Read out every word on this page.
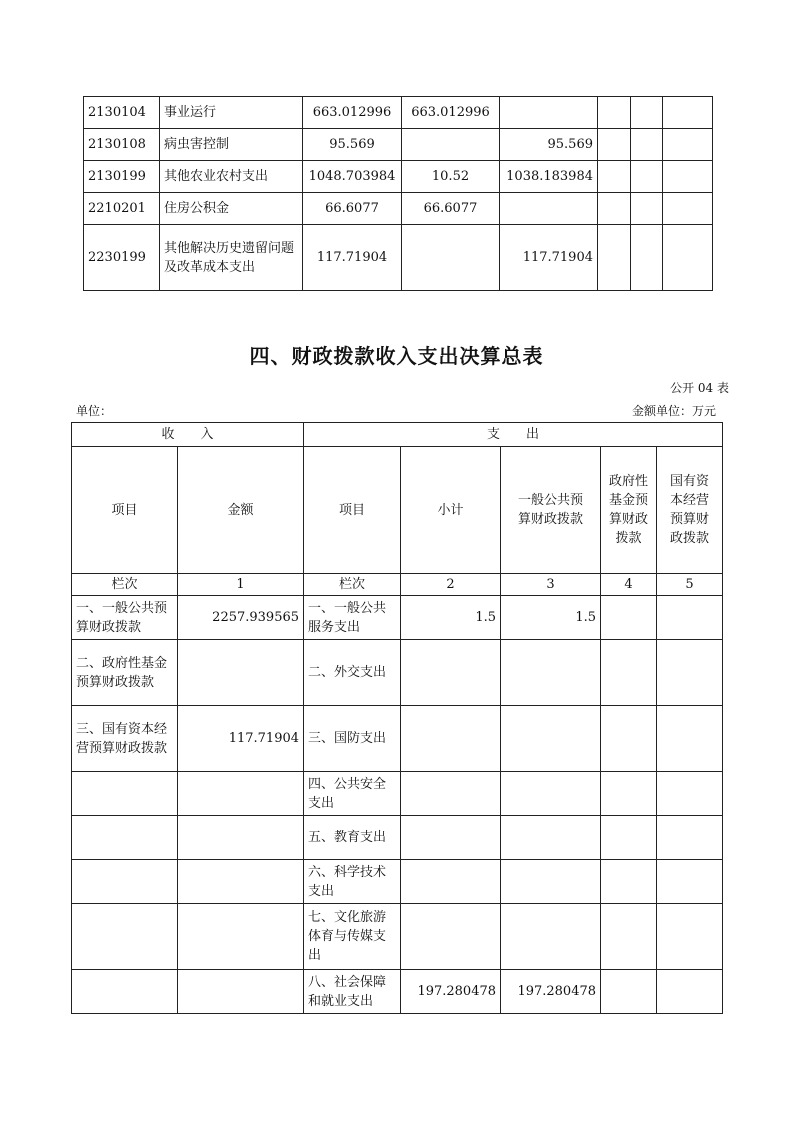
2130104	事业运行	663.012996	663.012996				
2130108	病虫害控制	95.569		95.569			
2130199	其他农业农村支出	1048.703984	10.52	1038.183984			
2210201	住房公积金	66.6077	66.6077				
2230199	其他解决历史遗留问题及改革成本支出	117.71904		117.71904			
四、财政拨款收入支出决算总表
公开 04 表
单位：	金额单位：万元
收　　入		支　　出				
项目	金额	项目	小计	一般公共预算财政拨款	政府性基金预算财政拨款	国有资本经营预算财政拨款
栏次	1	栏次	2	3	4	5
一、一般公共预算财政拨款	2257.939565	一、一般公共服务支出	1.5	1.5		
二、政府性基金预算财政拨款		二、外交支出				
三、国有资本经营预算财政拨款	117.71904	三、国防支出				
		四、公共安全支出				
		五、教育支出				
		六、科学技术支出				
		七、文化旅游体育与传媒支出				
		八、社会保障和就业支出	197.280478	197.280478		
